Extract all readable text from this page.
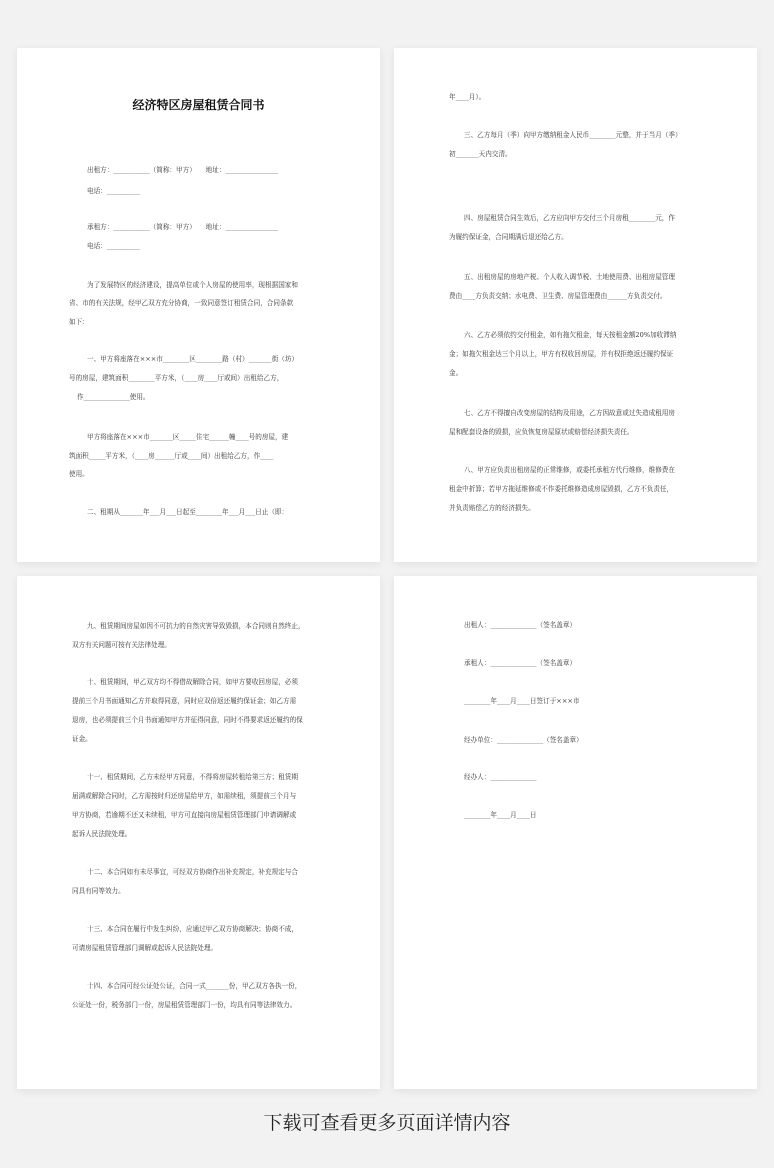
经济特区房屋租赁合同书
出租方：___________（简称：甲方）　　地址：________________
电话：__________
承租方：___________（简称：甲方）　　地址：________________
电话：__________
为了发展特区的经济建设，提高单位或个人房屋的使用率，现根据国家和
省、市的有关法规，经甲乙双方充分协商，一致同意签订租赁合同，合同条款
如下：
一、甲方将座落在×××市________区________路（村）_______街（坊）
号的房屋，建筑面积________平方米，（____房____厅或间）出租给乙方，
作______________使用。
甲方将座落在×××市_______区_____住宅______幢____号的房屋，建
筑面积_____平方米，（____房______厅或____间）出租给乙方，作____
使用。
二、租期从_______年___月___日起至________年___月___日止（即：
年____月）。
三、乙方每月（季）向甲方缴纳租金人民币________元整，并于当月（季）
初_______天内交清。
四、房屋租赁合同生效后，乙方应向甲方交付三个月房租________元，作
为履约保证金，合同期满后退还给乙方。
五、出租房屋的房地产税、个人收入调节税、土地使用费、出租房屋管理
费由____方负责交纳；水电费、卫生费、房屋管理费由______方负责交付。
六、乙方必须依约交付租金，如有拖欠租金，每天按租金额20%加收滞纳
金；如拖欠租金达三个月以上，甲方有权收回房屋，并有权拒绝返还履约保证
金。
七、乙方不得擅自改变房屋的结构及用途，乙方因故意或过失造成租用房
屋和配套设备的毁损，应负恢复房屋原状或赔偿经济损失责任。
八、甲方应负责出租房屋的正常维修，或委托承租方代行维修，维修费在
租金中折算；若甲方拖延维修或不作委托维修造成房屋毁损，乙方不负责任，
并负责赔偿乙方的经济损失。
九、租赁期间房屋如因不可抗力的自然灾害导致毁损，本合同则自然终止，
双方有关问题可按有关法律处理。
十、租赁期间，甲乙双方均不得借故解除合同，如甲方要收回房屋，必须
提前三个月书面通知乙方并取得同意，同时应双倍返还履约保证金；如乙方需
退房，也必须提前三个月书面通知甲方并征得同意，同时不得要求返还履约的保
证金。
十一、租赁期间，乙方未经甲方同意，不得将房屋转租给第三方；租赁期
届满或解除合同时，乙方需按时归还房屋给甲方，如需续租，须提前三个月与
甲方协商，若逾期不还又未续租，甲方可直接向房屋租赁管理部门申请调解或
起诉人民法院处理。
十二、本合同如有未尽事宜，可经双方协商作出补充规定，补充规定与合
同具有同等效力。
十三、本合同在履行中发生纠纷，应通过甲乙双方协商解决；协商不成，
可请房屋租赁管理部门调解或起诉人民法院处理。
十四、本合同可经公证处公证，合同一式_______份，甲乙双方各执一份，
公证处一份，税务部门一份，房屋租赁管理部门一份，均具有同等法律效力。
出租人：______________（签名盖章）
承租人：______________（签名盖章）
________年____月____日签订于×××市
经办单位：______________（签名盖章）
经办人：______________
________年____月____日
下载可查看更多页面详情内容
